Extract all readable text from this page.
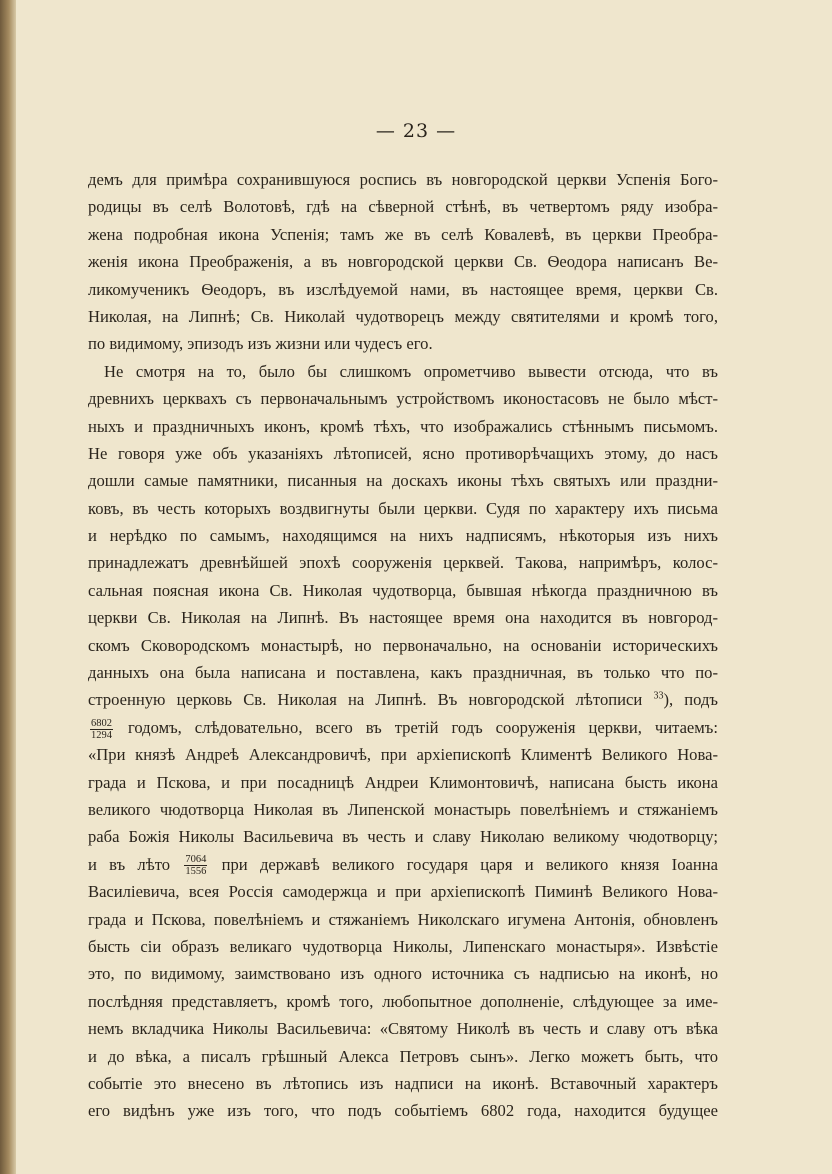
— 23 —
демъ для примѣра сохранившуюся роспись въ новгородской церкви Успенія Бого-
родицы въ селѣ Волотовѣ, гдѣ на сѣверной стѣнѣ, въ четвертомъ ряду изобра-
жена подробная икона Успенія; тамъ же въ селѣ Ковалевѣ, въ церкви Преобра-
женія икона Преображенія, а въ новгородской церкви Св. Ѳеодора написанъ Ве-
ликомученикъ Ѳеодоръ, въ изслѣдуемой нами, въ настоящее время, церкви Св.
Николая, на Липнѣ; Св. Николай чудотворецъ между святителями и кромѣ того,
по видимому, эпизодъ изъ жизни или чудесъ его.
Не смотря на то, было бы слишкомъ опрометчиво вывести отсюда, что въ
древнихъ церквахъ съ первоначальнымъ устройствомъ иконостасовъ не было мѣст-
ныхъ и праздничныхъ иконъ, кромѣ тѣхъ, что изображались стѣннымъ письмомъ.
Не говоря уже объ указаніяхъ лѣтописей, ясно противорѣчащихъ этому, до насъ
дошли самые памятники, писанныя на доскахъ иконы тѣхъ святыхъ или праздни-
ковъ, въ честь которыхъ воздвигнуты были церкви. Судя по характеру ихъ письма
и нерѣдко по самымъ, находящимся на нихъ надписямъ, нѣкоторыя изъ нихъ
принадлежатъ древнѣйшей эпохѣ сооруженія церквей. Такова, напримѣръ, колос-
сальная поясная икона Св. Николая чудотворца, бывшая нѣкогда праздничною въ
церкви Св. Николая на Липнѣ. Въ настоящее время она находится въ новгород-
скомъ Сковородскомъ монастырѣ, но первоначально, на основаніи историческихъ
данныхъ она была написана и поставлена, какъ праздничная, въ только что по-
строенную церковь Св. Николая на Липнѣ. Въ новгородской лѣтописи $^{33}$), подъ
$\frac{6802}{1294}$ годомъ, слѣдовательно, всего въ третій годъ сооруженія церкви, читаемъ:
«При князѣ Андреѣ Александровичѣ, при архіепископѣ Климентѣ Великого Нова-
града и Пскова, и при посадницѣ Андреи Климонтовичѣ, написана бысть икона
великого чюдотворца Николая въ Липенской монастырь повелѣніемъ и стяжаніемъ
раба Божія Николы Васильевича въ честь и славу Николаю великому чюдотворцу;
и въ лѣто $\frac{7064}{1556}$ при державѣ великого государя царя и великого князя Іоанна
Василіевича, всея Россія самодержца и при архіепископѣ Пиминѣ Великого Нова-
града и Пскова, повелѣніемъ и стяжаніемъ Николскаго игумена Антонія, обновленъ
бысть сіи образъ великаго чудотворца Николы, Липенскаго монастыря». Извѣстіе
это, по видимому, заимствовано изъ одного источника съ надписью на иконѣ, но
послѣдняя представляетъ, кромѣ того, любопытное дополненіе, слѣдующее за име-
немъ вкладчика Николы Васильевича: «Святому Николѣ въ честь и славу отъ вѣка
и до вѣка, а писалъ грѣшный Алекса Петровъ сынъ». Легко можетъ быть, что
событіе это внесено въ лѣтопись изъ надписи на иконѣ. Вставочный характеръ
его видѣнъ уже изъ того, что подъ событіемъ 6802 года, находится будущее
